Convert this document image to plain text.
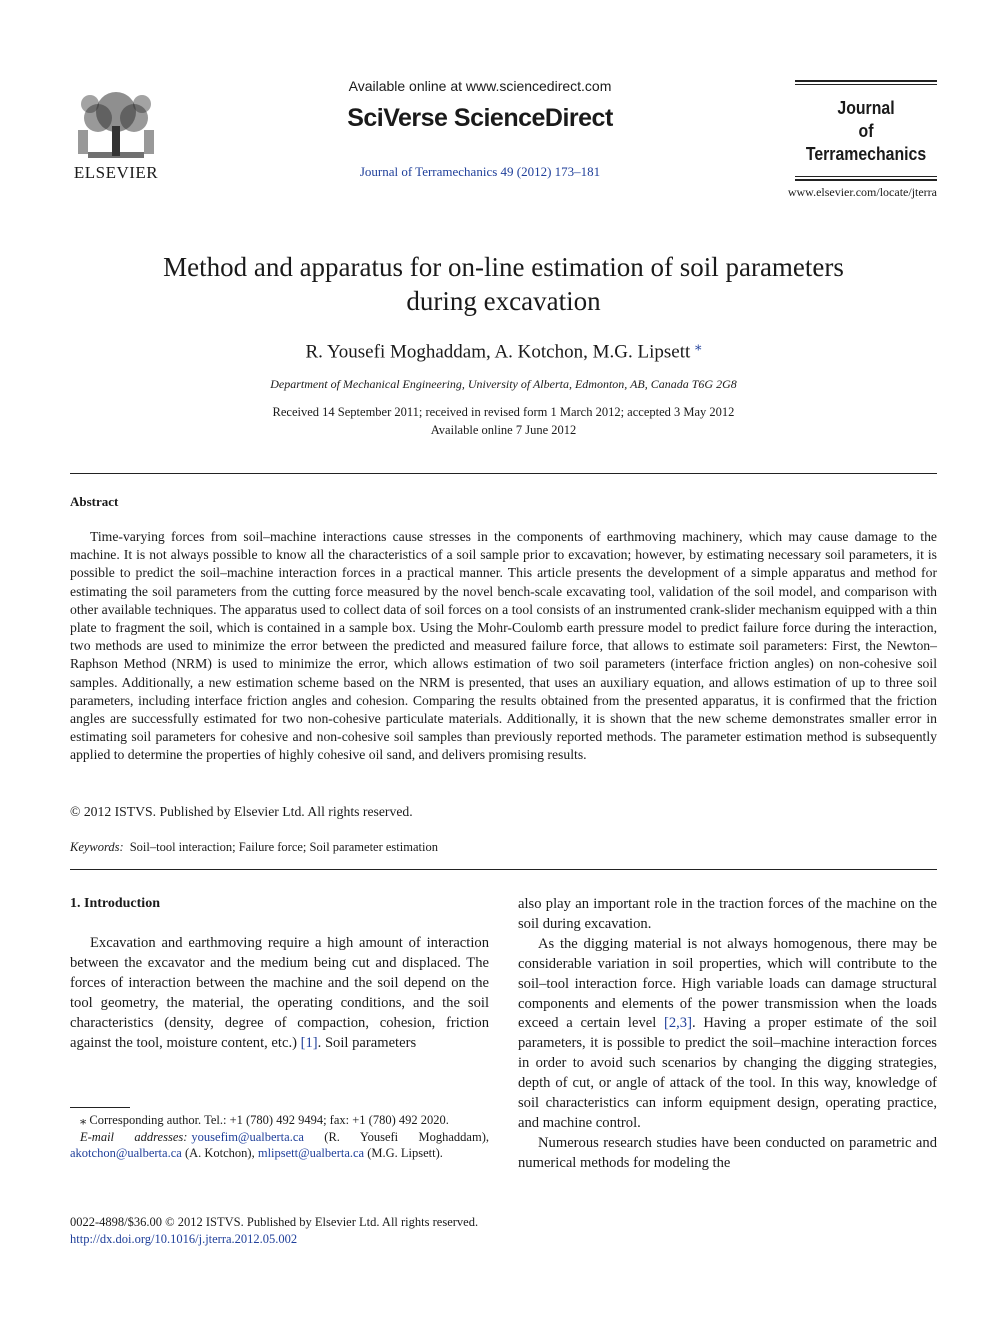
ELSEVIER
Available online at www.sciencedirect.com
SciVerse ScienceDirect
Journal of Terramechanics 49 (2012) 173–181
Journal
of
Terramechanics
www.elsevier.com/locate/jterra
Method and apparatus for on-line estimation of soil parameters
during excavation
R. Yousefi Moghaddam, A. Kotchon, M.G. Lipsett ⁎
Department of Mechanical Engineering, University of Alberta, Edmonton, AB, Canada T6G 2G8
Received 14 September 2011; received in revised form 1 March 2012; accepted 3 May 2012
Available online 7 June 2012
Abstract
Time-varying forces from soil–machine interactions cause stresses in the components of earthmoving machinery, which may cause damage to the machine. It is not always possible to know all the characteristics of a soil sample prior to excavation; however, by estimating necessary soil parameters, it is possible to predict the soil–machine interaction forces in a practical manner. This article presents the development of a simple apparatus and method for estimating the soil parameters from the cutting force measured by the novel bench-scale excavating tool, validation of the soil model, and comparison with other available techniques. The apparatus used to collect data of soil forces on a tool consists of an instrumented crank-slider mechanism equipped with a thin plate to fragment the soil, which is contained in a sample box. Using the Mohr-Coulomb earth pressure model to predict failure force during the interaction, two methods are used to minimize the error between the predicted and measured failure force, that allows to estimate soil parameters: First, the Newton–Raphson Method (NRM) is used to minimize the error, which allows estimation of two soil parameters (interface friction angles) on non-cohesive soil samples. Additionally, a new estimation scheme based on the NRM is presented, that uses an auxiliary equation, and allows estimation of up to three soil parameters, including interface friction angles and cohesion. Comparing the results obtained from the presented apparatus, it is confirmed that the friction angles are successfully estimated for two non-cohesive particulate materials. Additionally, it is shown that the new scheme demonstrates smaller error in estimating soil parameters for cohesive and non-cohesive soil samples than previously reported methods. The parameter estimation method is subsequently applied to determine the properties of highly cohesive oil sand, and delivers promising results.
© 2012 ISTVS. Published by Elsevier Ltd. All rights reserved.
Keywords: Soil–tool interaction; Failure force; Soil parameter estimation
1. Introduction
Excavation and earthmoving require a high amount of interaction between the excavator and the medium being cut and displaced. The forces of interaction between the machine and the soil depend on the tool geometry, the material, the operating conditions, and the soil characteristics (density, degree of compaction, cohesion, friction against the tool, moisture content, etc.) [1]. Soil parameters

also play an important role in the traction forces of the machine on the soil during excavation.

As the digging material is not always homogenous, there may be considerable variation in soil properties, which will contribute to the soil–tool interaction force. High variable loads can damage structural components and elements of the power transmission when the loads exceed a certain level [2,3]. Having a proper estimate of the soil parameters, it is possible to predict the soil–machine interaction forces in order to avoid such scenarios by changing the digging strategies, depth of cut, or angle of attack of the tool. In this way, knowledge of soil characteristics can inform equipment design, operating practice, and machine control.

Numerous research studies have been conducted on parametric and numerical methods for modeling the

⁎ Corresponding author. Tel.: +1 (780) 492 9494; fax: +1 (780) 492 2020.

E-mail addresses: yousefim@ualberta.ca (R. Yousefi Moghaddam), akotchon@ualberta.ca (A. Kotchon), mlipsett@ualberta.ca (M.G. Lipsett).

0022-4898/$36.00 © 2012 ISTVS. Published by Elsevier Ltd. All rights reserved.
http://dx.doi.org/10.1016/j.jterra.2012.05.002
